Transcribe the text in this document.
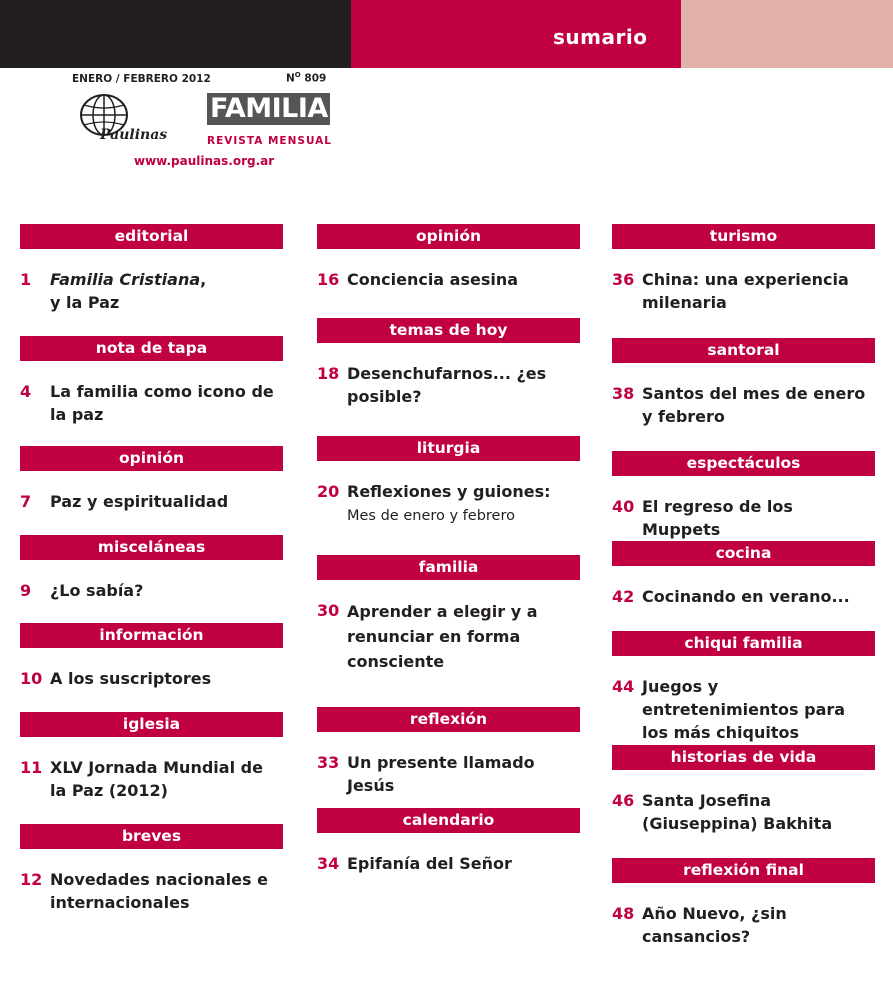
sumario
ENERO / FEBRERO 2012	$N^O$ 809
Paulinas
FAMILIA
REVISTA MENSUAL
www.paulinas.org.ar
editorial
1	Familia Cristiana,
y la Paz
nota de tapa
4	La familia como icono de la paz
opinión
7	Paz y espiritualidad
misceláneas
9	¿Lo sabía?
información
10 A los suscriptores
iglesia
11 XLV Jornada Mundial de la Paz (2012)
breves
12 Novedades nacionales e internacionales
opinión
16 Conciencia asesina
temas de hoy
18 Desenchufarnos... ¿es posible?
liturgia
20 Reflexiones y guiones:
Mes de enero y febrero
familia
30 Aprender a elegir y a renunciar en forma consciente
reflexión
33 Un presente llamado Jesús
calendario
34 Epifanía del Señor
turismo
36 China: una experiencia milenaria
santoral
38 Santos del mes de enero y febrero
espectáculos
40 El regreso de los Muppets
cocina
42 Cocinando en verano...
chiqui familia
44 Juegos y entretenimientos para los más chiquitos
historias de vida
46 Santa Josefina (Giuseppina) Bakhita
reflexión final
48 Año Nuevo, ¿sin cansancios?
